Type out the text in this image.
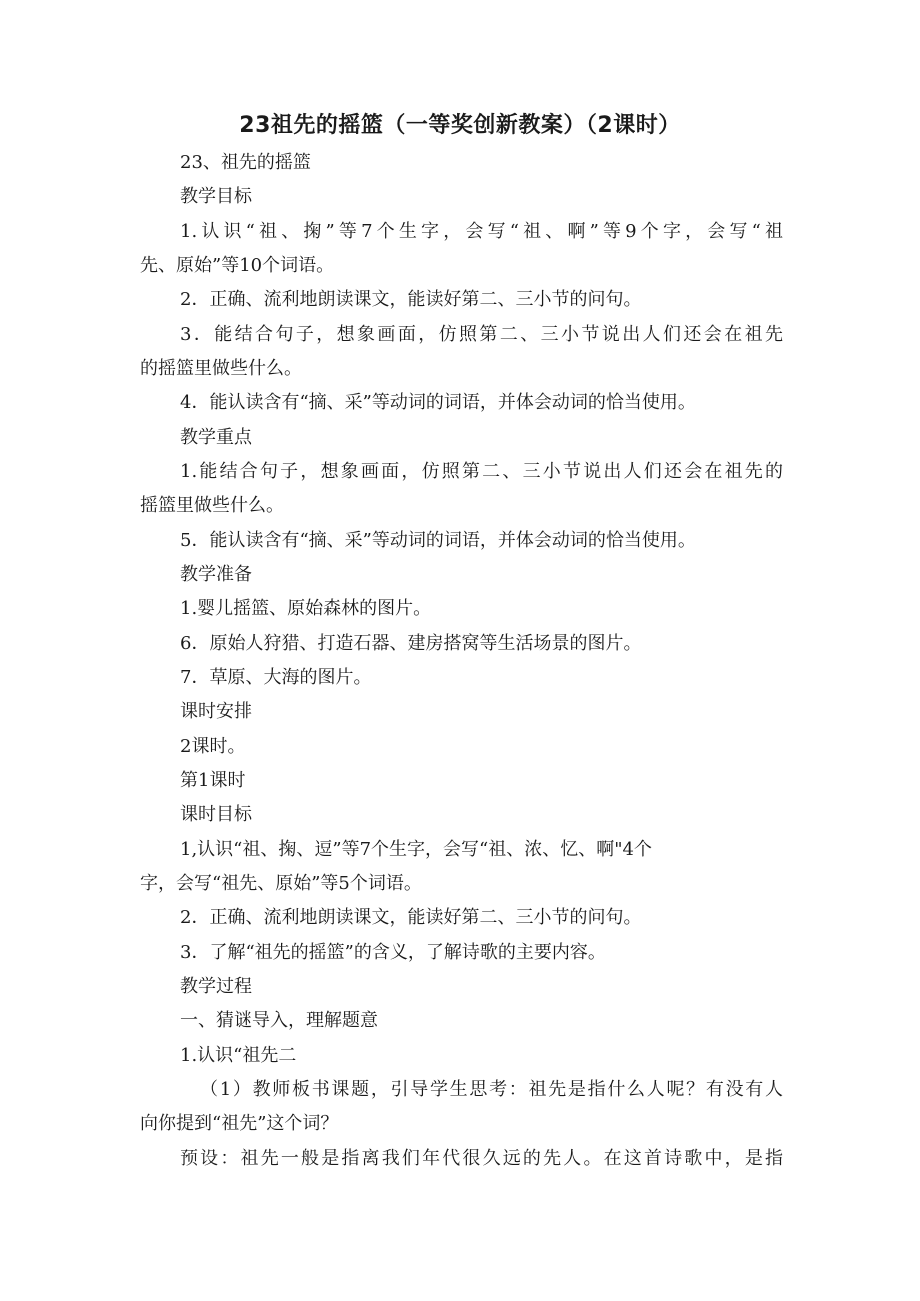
23祖先的摇篮（一等奖创新教案）（2课时）
23、祖先的摇篮
教学目标
1.认识“祖、掬”等7个生字，会写“祖、啊”等9个字，会写“祖
先、原始”等10个词语。
2．正确、流利地朗读课文，能读好第二、三小节的问句。
3．能结合句子，想象画面，仿照第二、三小节说出人们还会在祖先
的摇篮里做些什么。
4．能认读含有“摘、采”等动词的词语，并体会动词的恰当使用。
教学重点
1.能结合句子，想象画面，仿照第二、三小节说出人们还会在祖先的
摇篮里做些什么。
5．能认读含有“摘、采”等动词的词语，并体会动词的恰当使用。
教学准备
1.婴儿摇篮、原始森林的图片。
6．原始人狩猎、打造石器、建房搭窝等生活场景的图片。
7．草原、大海的图片。
课时安排
2课时。
第1课时
课时目标
1,认识“祖、掬、逗”等7个生字，会写“祖、浓、忆、啊"4个
字，会写“祖先、原始”等5个词语。
2．正确、流利地朗读课文，能读好第二、三小节的问句。
3．了解“祖先的摇篮”的含义，了解诗歌的主要内容。
教学过程
一、猜谜导入，理解题意
1.认识“祖先二
（1）教师板书课题，引导学生思考：祖先是指什么人呢？有没有人
向你提到“祖先”这个词？
预设：祖先一般是指离我们年代很久远的先人。在这首诗歌中，是指
